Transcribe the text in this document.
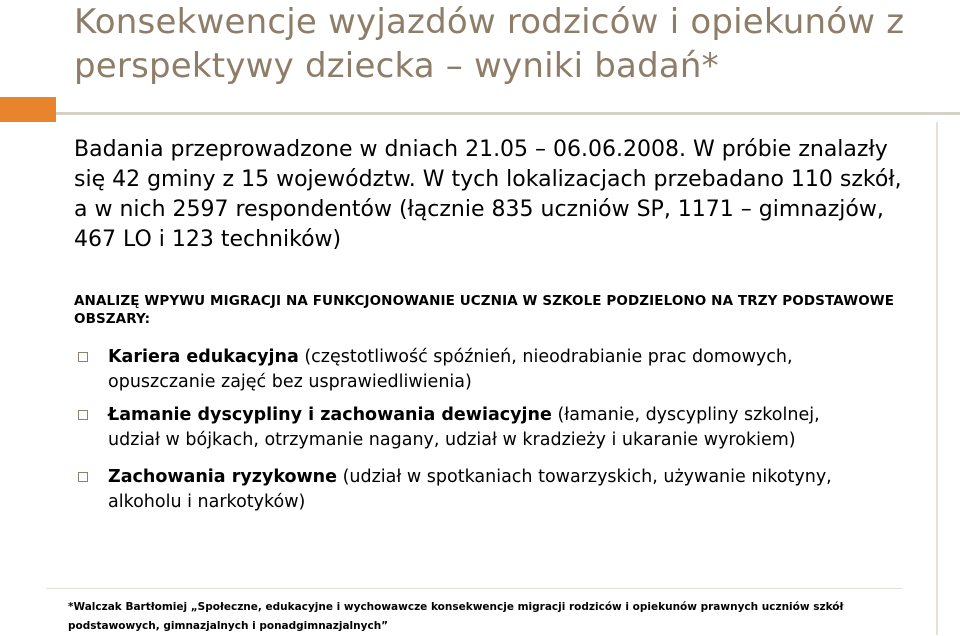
Konsekwencje wyjazdów rodziców i opiekunów z perspektywy dziecka – wyniki badań*

Badania przeprowadzone w dniach 21.05 – 06.06.2008. W próbie znalazły się 42 gminy z 15 województw. W tych lokalizacjach przebadano 110 szkół, a w nich 2597 respondentów (łącznie 835 uczniów SP, 1171 – gimnazjów, 467 LO i 123 techników)

ANALIZĘ WPYWU MIGRACJI NA FUNKCJONOWANIE UCZNIA W SZKOLE PODZIELONO NA TRZY PODSTAWOWE OBSZARY:

Kariera edukacyjna (częstotliwość spóźnień, nieodrabianie prac domowych, opuszczanie zajęć bez usprawiedliwienia)
Łamanie dyscypliny i zachowania dewiacyjne (łamanie, dyscypliny szkolnej, udział w bójkach, otrzymanie nagany, udział w kradzieży i ukaranie wyrokiem)
Zachowania ryzykowne (udział w spotkaniach towarzyskich, używanie nikotyny, alkoholu i narkotyków)

*Walczak Bartłomiej „Społeczne, edukacyjne i wychowawcze konsekwencje migracji rodziców i opiekunów prawnych uczniów szkół podstawowych, gimnazjalnych i ponadgimnazjalnych”
